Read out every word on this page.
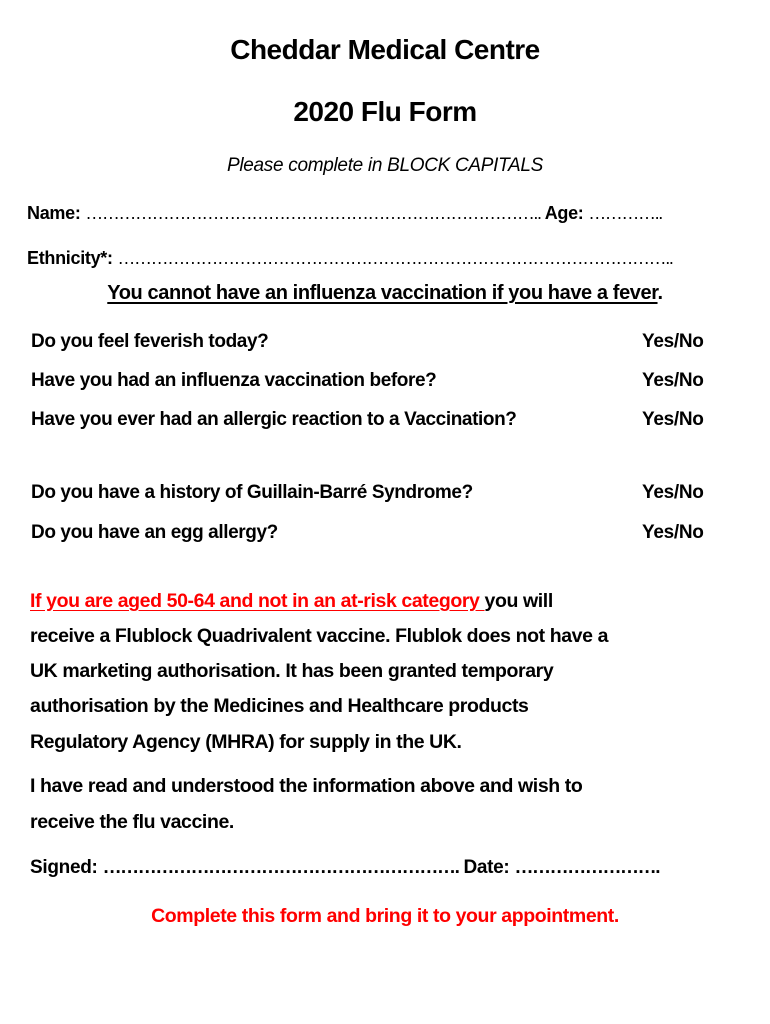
Cheddar Medical Centre
2020 Flu Form
Please complete in BLOCK CAPITALS
Name: ……………………………………………………………………….. Age: …………..
Ethnicity*: ………………………………………………………………………………………..
You cannot have an influenza vaccination if you have a fever.
Do you feel feverish today?	Yes/No
Have you had an influenza vaccination before?	Yes/No
Have you ever had an allergic reaction to a Vaccination?	Yes/No
Do you have a history of Guillain-Barré Syndrome?	Yes/No
Do you have an egg allergy?	Yes/No
If you are aged 50-64 and not in an at-risk category you will
receive a Flublock Quadrivalent vaccine. Flublok does not have a
UK marketing authorisation. It has been granted temporary
authorisation by the Medicines and Healthcare products
Regulatory Agency (MHRA) for supply in the UK.
I have read and understood the information above and wish to
receive the flu vaccine.
Signed: ……………………………………………………. Date: …………………….
Complete this form and bring it to your appointment.
